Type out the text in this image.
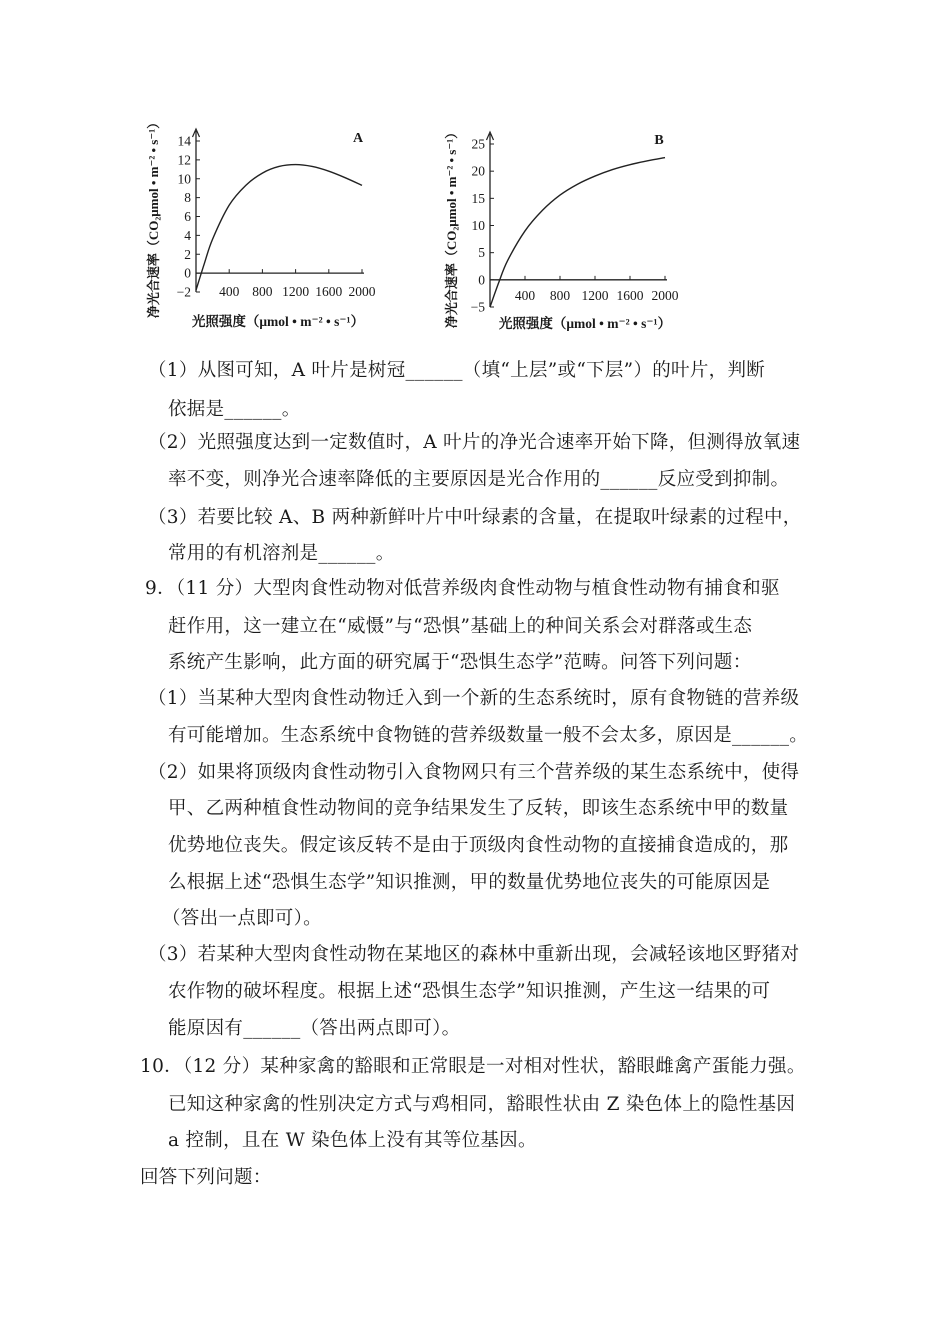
−2
0
2
4
6
8
10
12
14
400 800 1200 1600 2000
A
光照强度（μmol • m⁻² • s⁻¹）
净光合速率（CO₂μmol • m⁻² • s⁻¹）	−5
0
5
10
15
20
25
400 800 1200 1600 2000
B
光照强度（μmol • m⁻² • s⁻¹）
净光合速率（CO₂μmol • m⁻² • s⁻¹）
（1）从图可知，A 叶片是树冠______（填“上层”或“下层”）的叶片，判断
依据是______。
（2）光照强度达到一定数值时，A 叶片的净光合速率开始下降，但测得放氧速
率不变，则净光合速率降低的主要原因是光合作用的______反应受到抑制。
（3）若要比较 A、B 两种新鲜叶片中叶绿素的含量，在提取叶绿素的过程中，
常用的有机溶剂是______。
9．（11 分）大型肉食性动物对低营养级肉食性动物与植食性动物有捕食和驱
赶作用，这一建立在“威慑”与“恐惧”基础上的种间关系会对群落或生态
系统产生影响，此方面的研究属于“恐惧生态学”范畴。问答下列问题：
（1）当某种大型肉食性动物迁入到一个新的生态系统时，原有食物链的营养级
有可能增加。生态系统中食物链的营养级数量一般不会太多，原因是______。
（2）如果将顶级肉食性动物引入食物网只有三个营养级的某生态系统中，使得
甲、乙两种植食性动物间的竞争结果发生了反转，即该生态系统中甲的数量
优势地位丧失。假定该反转不是由于顶级肉食性动物的直接捕食造成的，那
么根据上述“恐惧生态学”知识推测，甲的数量优势地位丧失的可能原因是
（答出一点即可）。
（3）若某种大型肉食性动物在某地区的森林中重新出现，会减轻该地区野猪对
农作物的破坏程度。根据上述“恐惧生态学”知识推测，产生这一结果的可
能原因有______（答出两点即可）。
10．（12 分）某种家禽的豁眼和正常眼是一对相对性状，豁眼雌禽产蛋能力强。
已知这种家禽的性别决定方式与鸡相同，豁眼性状由 Z 染色体上的隐性基因
a 控制，且在 W 染色体上没有其等位基因。
回答下列问题：
